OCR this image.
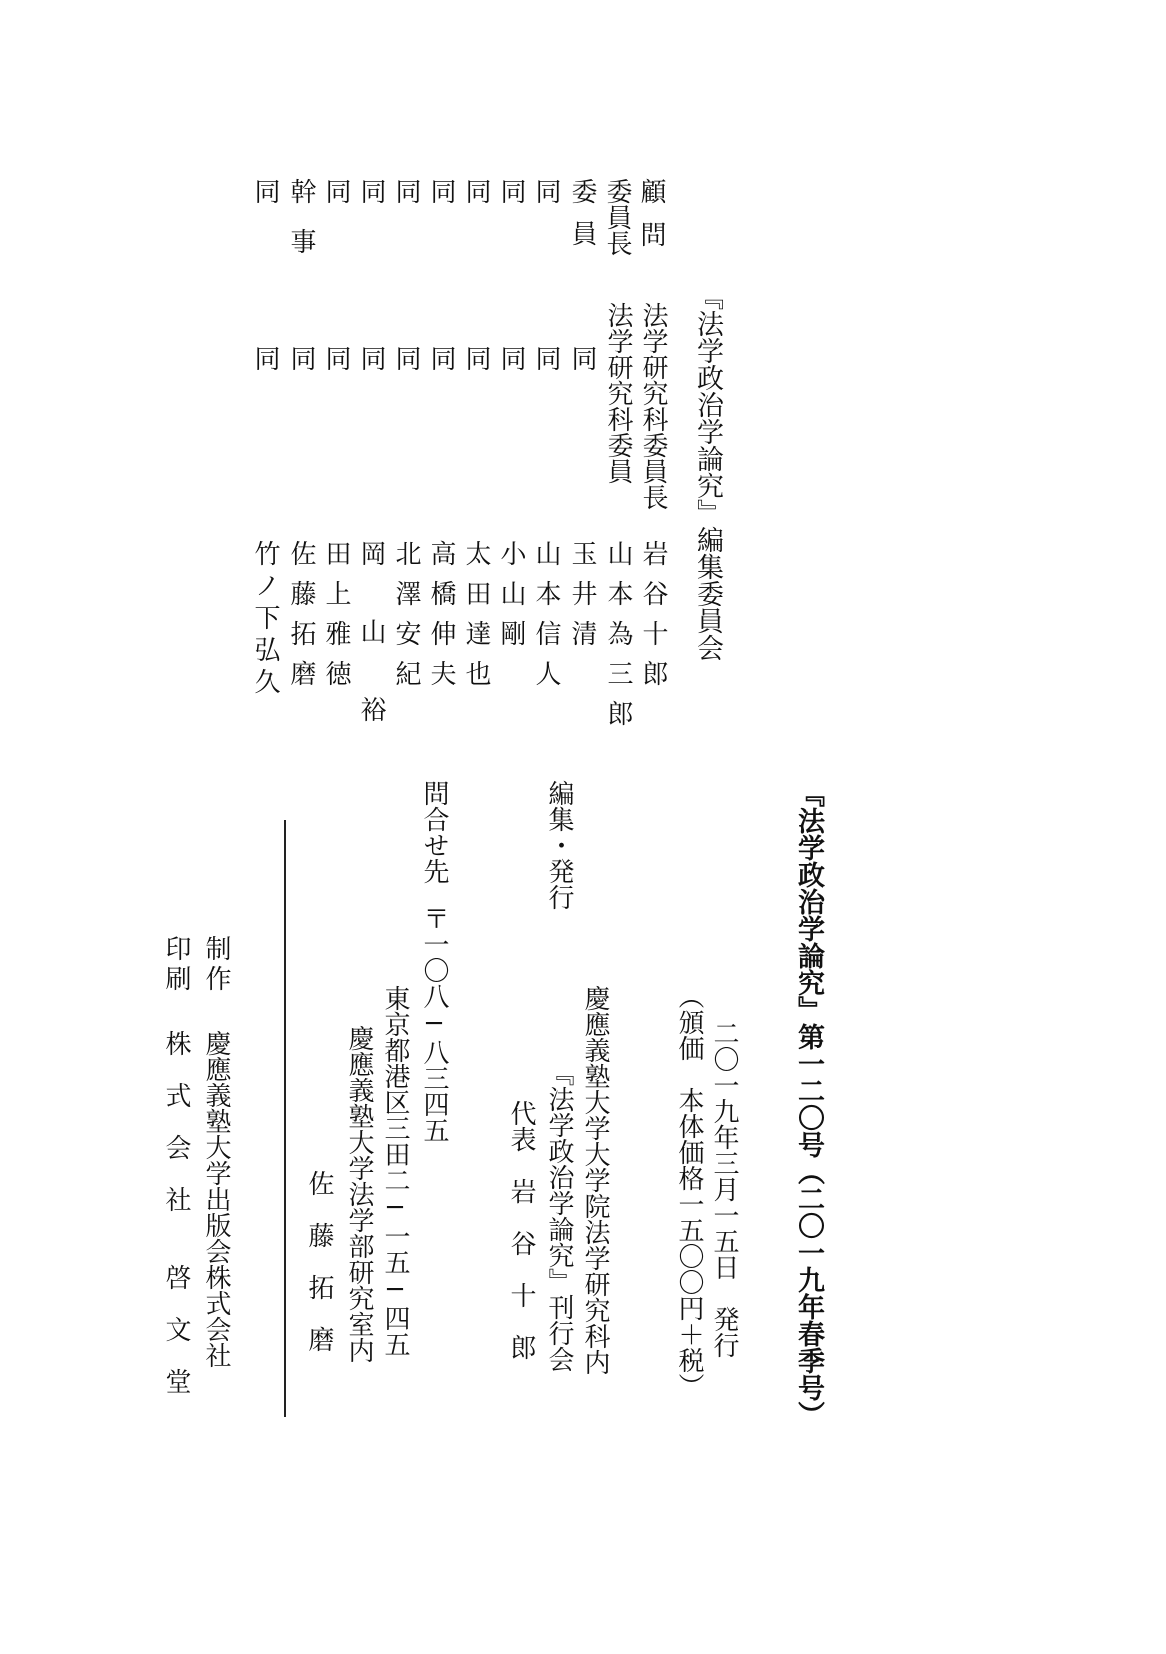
『法学政治学論究』編集委員会
顧問
法学研究科委員長
岩谷十郎
委員長
法学研究科委員
山本為三郎
委員
同
玉井清
同
同
山本信人
同
同
小山剛
同
同
太田達也
同
同
高橋伸夫
同
同
北澤安紀
同
同
岡山裕
同
同
田上雅徳
幹事
同
佐藤拓磨
同
同
竹ノ下弘久
『法学政治学論究』第一二〇号（二〇一九年春季号）
二〇一九年三月一五日　発行
（頒価　本体価格一五〇〇円＋税）
編集・発行
慶應義塾大学大学院法学研究科内
『法学政治学論究』刊行会
代表　岩　谷　十　郎
問合せ先
〒一〇八─八三四五
東京都港区三田二─一五─四五
慶應義塾大学法学部研究室内
佐　藤　拓　磨
制作
慶應義塾大学出版会株式会社
印刷
株　式　会　社　　啓　文　堂
